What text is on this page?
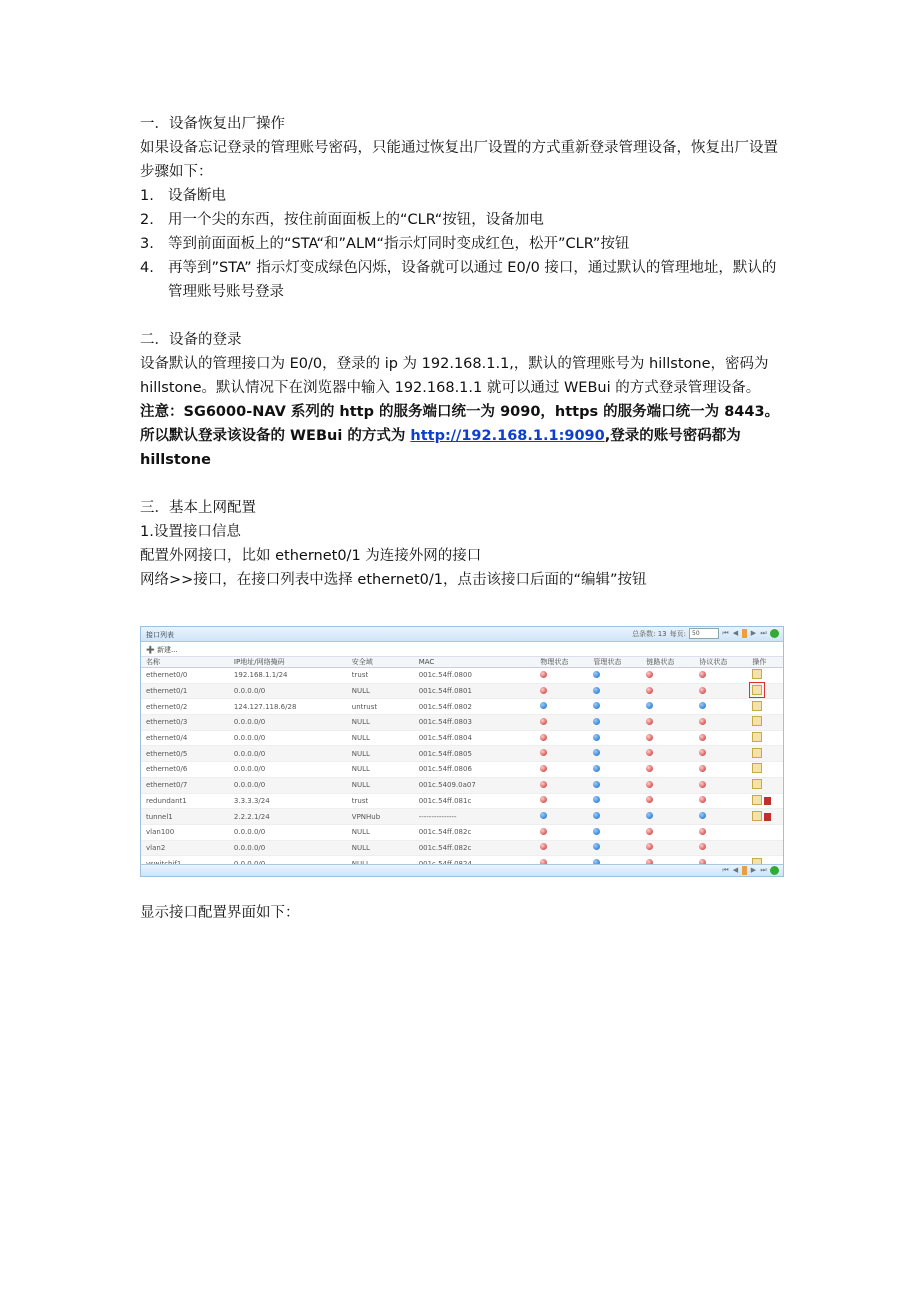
一．设备恢复出厂操作

如果设备忘记登录的管理账号密码，只能通过恢复出厂设置的方式重新登录管理设备，恢复出厂设置步骤如下：

1. 设备断电
2. 用一个尖的东西，按住前面面板上的“CLR“按钮，设备加电
3. 等到前面面板上的“STA“和”ALM“指示灯同时变成红色，松开”CLR”按钮
4. 再等到”STA” 指示灯变成绿色闪烁，设备就可以通过 E0/0 接口，通过默认的管理地址，默认的管理账号账号登录

二．设备的登录

设备默认的管理接口为 E0/0，登录的 ip 为 192.168.1.1,，默认的管理账号为 hillstone，密码为 hillstone。默认情况下在浏览器中输入 192.168.1.1 就可以通过 WEBui 的方式登录管理设备。

注意：SG6000-NAV 系列的 http 的服务端口统一为 9090，https 的服务端口统一为 8443。所以默认登录该设备的 WEBui 的方式为 http://192.168.1.1:9090,登录的账号密码都为 hillstone

三．基本上网配置

1.设置接口信息

配置外网接口，比如 ethernet0/1 为连接外网的接口

网络>>接口，在接口列表中选择 ethernet0/1，点击该接口后面的“编辑”按钮

接口列表	总条数: 13 每页:	50	⏮ ◀ ▶ ⏭
➕ 新建...
名称	IP地址/网络掩码	安全域	MAC	物理状态	管理状态	链路状态	协议状态	操作
ethernet0/0	192.168.1.1/24	trust	001c.54ff.0800					
ethernet0/1	0.0.0.0/0	NULL	001c.54ff.0801					
ethernet0/2	124.127.118.6/28	untrust	001c.54ff.0802					
ethernet0/3	0.0.0.0/0	NULL	001c.54ff.0803					
ethernet0/4	0.0.0.0/0	NULL	001c.54ff.0804					
ethernet0/5	0.0.0.0/0	NULL	001c.54ff.0805					
ethernet0/6	0.0.0.0/0	NULL	001c.54ff.0806					
ethernet0/7	0.0.0.0/0	NULL	001c.5409.0a07					
redundant1	3.3.3.3/24	trust	001c.54ff.081c					
tunnel1	2.2.2.1/24	VPNHub	---------------					
vlan100	0.0.0.0/0	NULL	001c.54ff.082c					
vlan2	0.0.0.0/0	NULL	001c.54ff.082c					

⏮ ◀ ▶ ⏭

显示接口配置界面如下：
